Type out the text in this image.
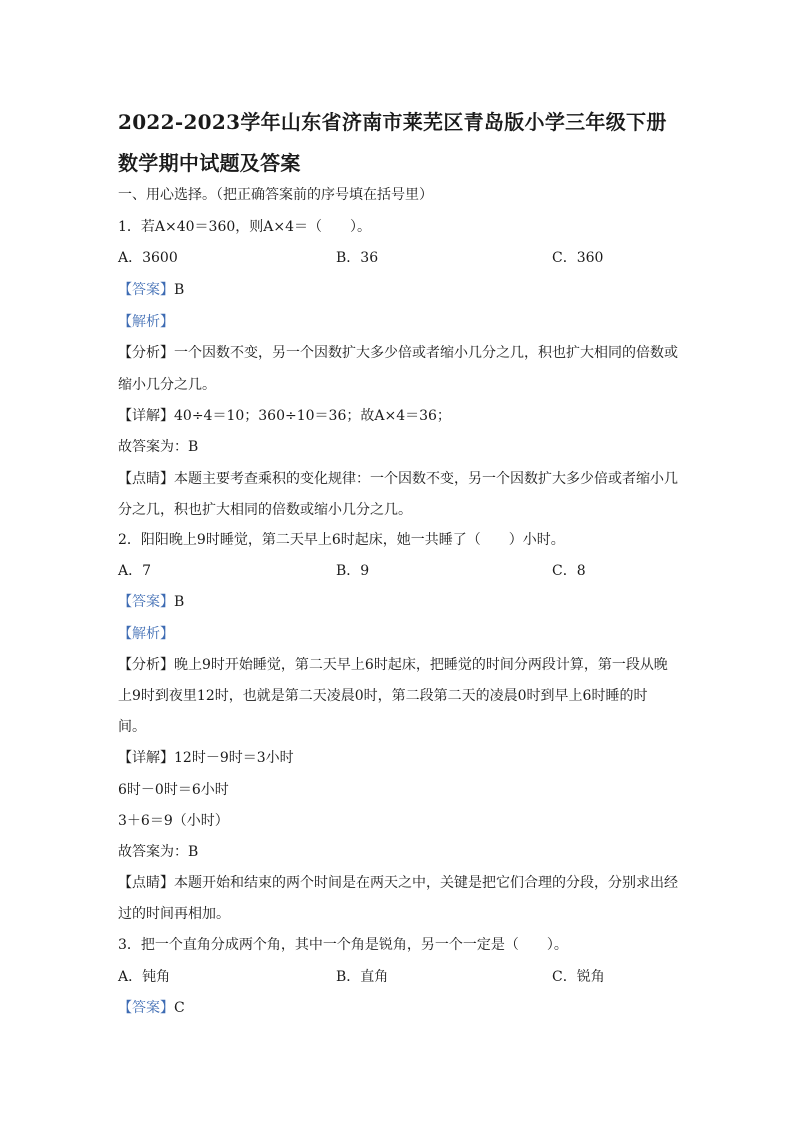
2022-2023学年山东省济南市莱芜区青岛版小学三年级下册
数学期中试题及答案
一、用心选择。（把正确答案前的序号填在括号里）
1．若A×40＝360，则A×4＝（　　）。
A．3600	B．36	C．360
【答案】B
【解析】
【分析】一个因数不变，另一个因数扩大多少倍或者缩小几分之几，积也扩大相同的倍数或
缩小几分之几。
【详解】40÷4＝10；360÷10＝36；故A×4＝36；
故答案为：B
【点睛】本题主要考查乘积的变化规律：一个因数不变，另一个因数扩大多少倍或者缩小几
分之几，积也扩大相同的倍数或缩小几分之几。
2．阳阳晚上9时睡觉，第二天早上6时起床，她一共睡了（　　）小时。
A．7	B．9	C．8
【答案】B
【解析】
【分析】晚上9时开始睡觉，第二天早上6时起床，把睡觉的时间分两段计算，第一段从晚
上9时到夜里12时，也就是第二天凌晨0时，第二段第二天的凌晨0时到早上6时睡的时
间。
【详解】12时－9时＝3小时
6时－0时＝6小时
3＋6＝9（小时）
故答案为：B
【点睛】本题开始和结束的两个时间是在两天之中，关键是把它们合理的分段，分别求出经
过的时间再相加。
3．把一个直角分成两个角，其中一个角是锐角，另一个一定是（　　）。
A．钝角	B．直角	C．锐角
【答案】C
